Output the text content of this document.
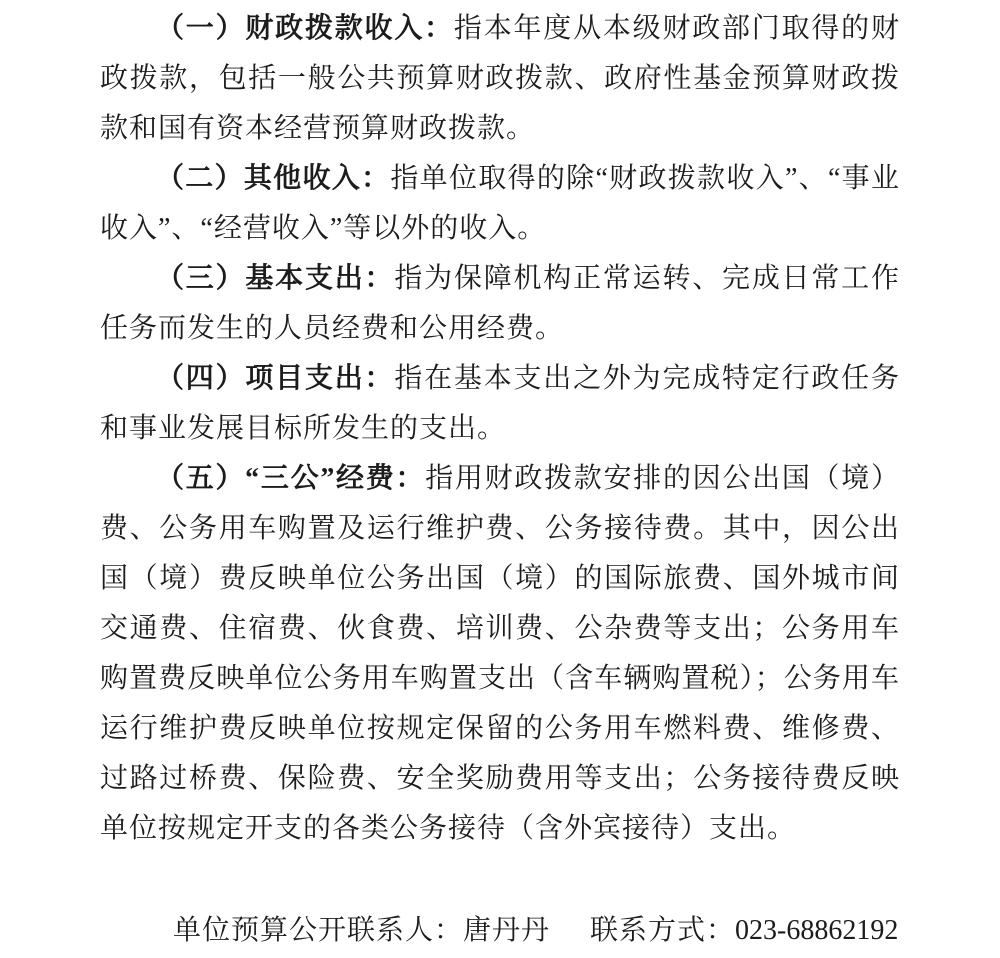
（一）财政拨款收入：指本年度从本级财政部门取得的财政拨款，包括一般公共预算财政拨款、政府性基金预算财政拨款和国有资本经营预算财政拨款。

（二）其他收入：指单位取得的除“财政拨款收入”、“事业收入”、“经营收入”等以外的收入。

（三）基本支出：指为保障机构正常运转、完成日常工作任务而发生的人员经费和公用经费。

（四）项目支出：指在基本支出之外为完成特定行政任务和事业发展目标所发生的支出。

（五）“三公”经费：指用财政拨款安排的因公出国（境）费、公务用车购置及运行维护费、公务接待费。其中，因公出国（境）费反映单位公务出国（境）的国际旅费、国外城市间交通费、住宿费、伙食费、培训费、公杂费等支出；公务用车购置费反映单位公务用车购置支出（含车辆购置税）；公务用车运行维护费反映单位按规定保留的公务用车燃料费、维修费、过路过桥费、保险费、安全奖励费用等支出；公务接待费反映单位按规定开支的各类公务接待（含外宾接待）支出。

单位预算公开联系人：唐丹丹 联系方式：023-68862192
